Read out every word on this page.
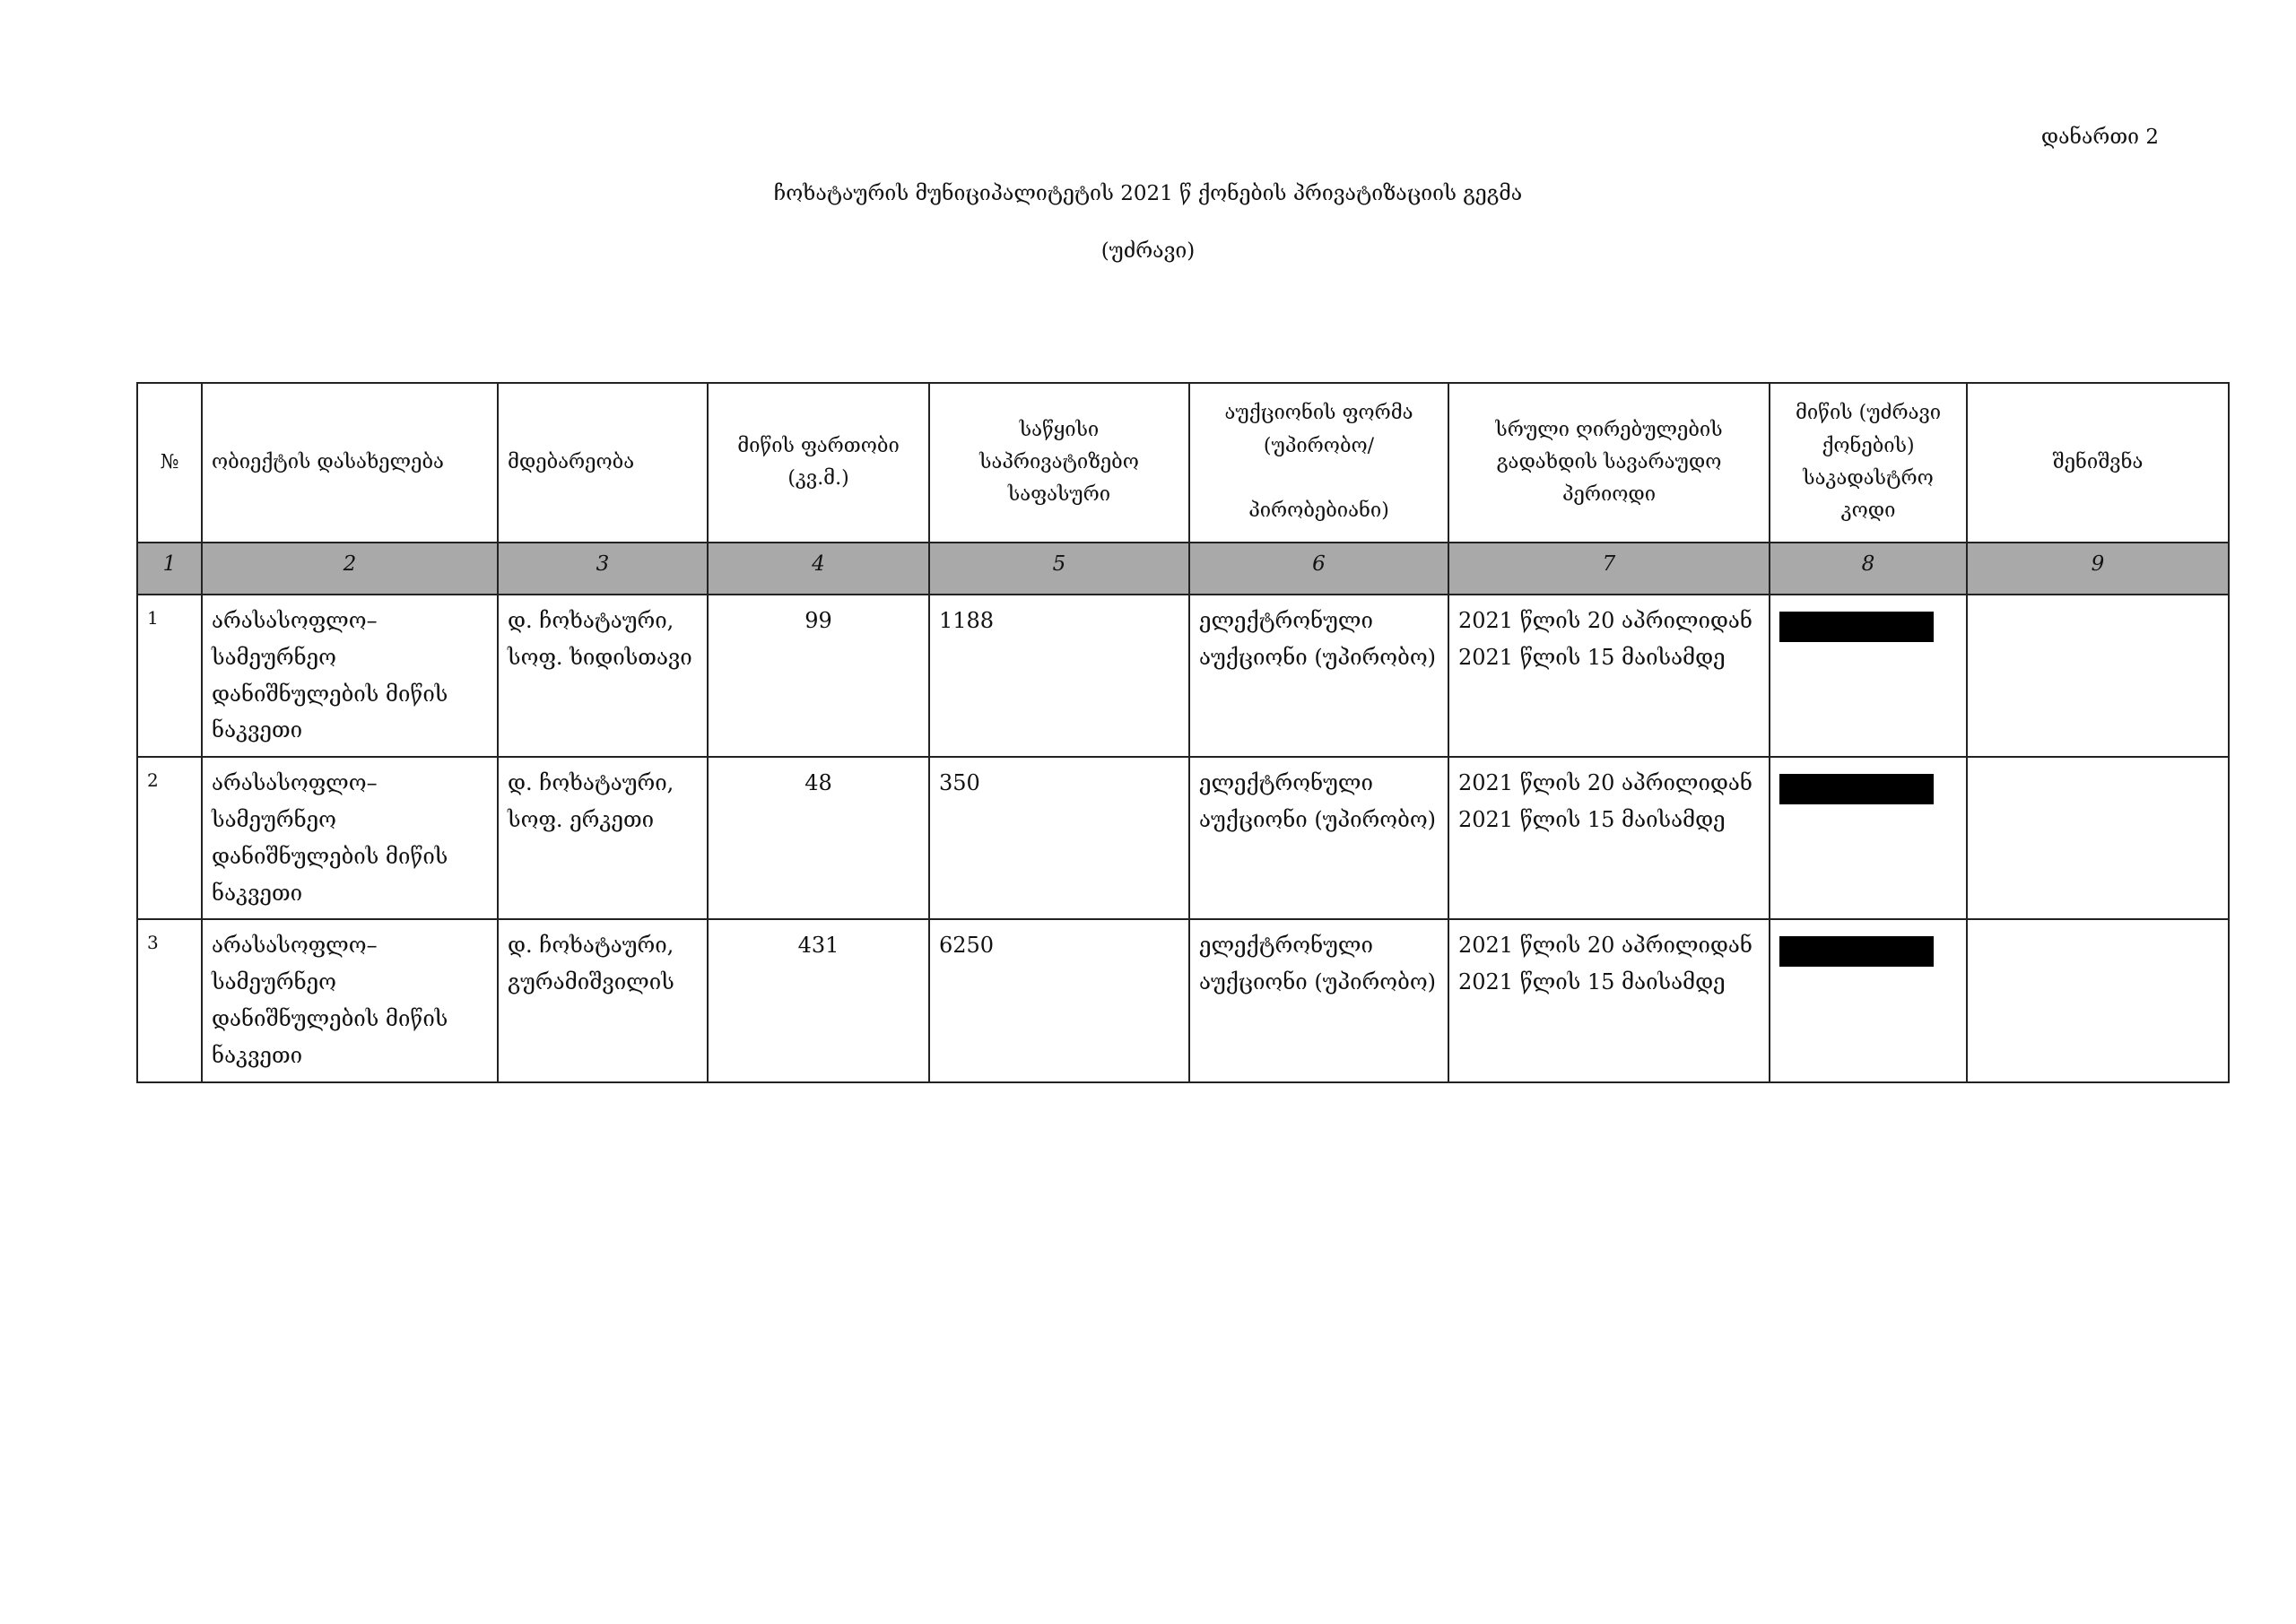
დანართი 2
ჩოხატაურის მუნიციპალიტეტის 2021 წ ქონების პრივატიზაციის გეგმა
(უძრავი)
№	ობიექტის დასახელება	მდებარეობა	მიწის ფართობი (კვ.მ.)	საწყისი საპრივატიზებო საფასური	აუქციონის ფორმა (უპირობო/

პირობებიანი)	სრული ღირებულების გადახდის სავარაუდო პერიოდი	მიწის (უძრავი ქონების) საკადასტრო კოდი	შენიშვნა
1	2	3	4	5	6	7	8	9
1	არასასოფლო–სამეურნეო დანიშნულების მიწის ნაკვეთი	დ. ჩოხატაური, სოფ. ხიდისთავი	99	1188	ელექტრონული აუქციონი (უპირობო)	2021 წლის 20 აპრილიდან
2021 წლის 15 მაისამდე	

2	არასასოფლო–სამეურნეო დანიშნულების მიწის ნაკვეთი	დ. ჩოხატაური, სოფ. ერკეთი	48	350	ელექტრონული აუქციონი (უპირობო)	2021 წლის 20 აპრილიდან
2021 წლის 15 მაისამდე	

3	არასასოფლო–სამეურნეო დანიშნულების მიწის ნაკვეთი	დ. ჩოხატაური, გურამიშვილის	431	6250	ელექტრონული აუქციონი (უპირობო)	2021 წლის 20 აპრილიდან
2021 წლის 15 მაისამდე	
